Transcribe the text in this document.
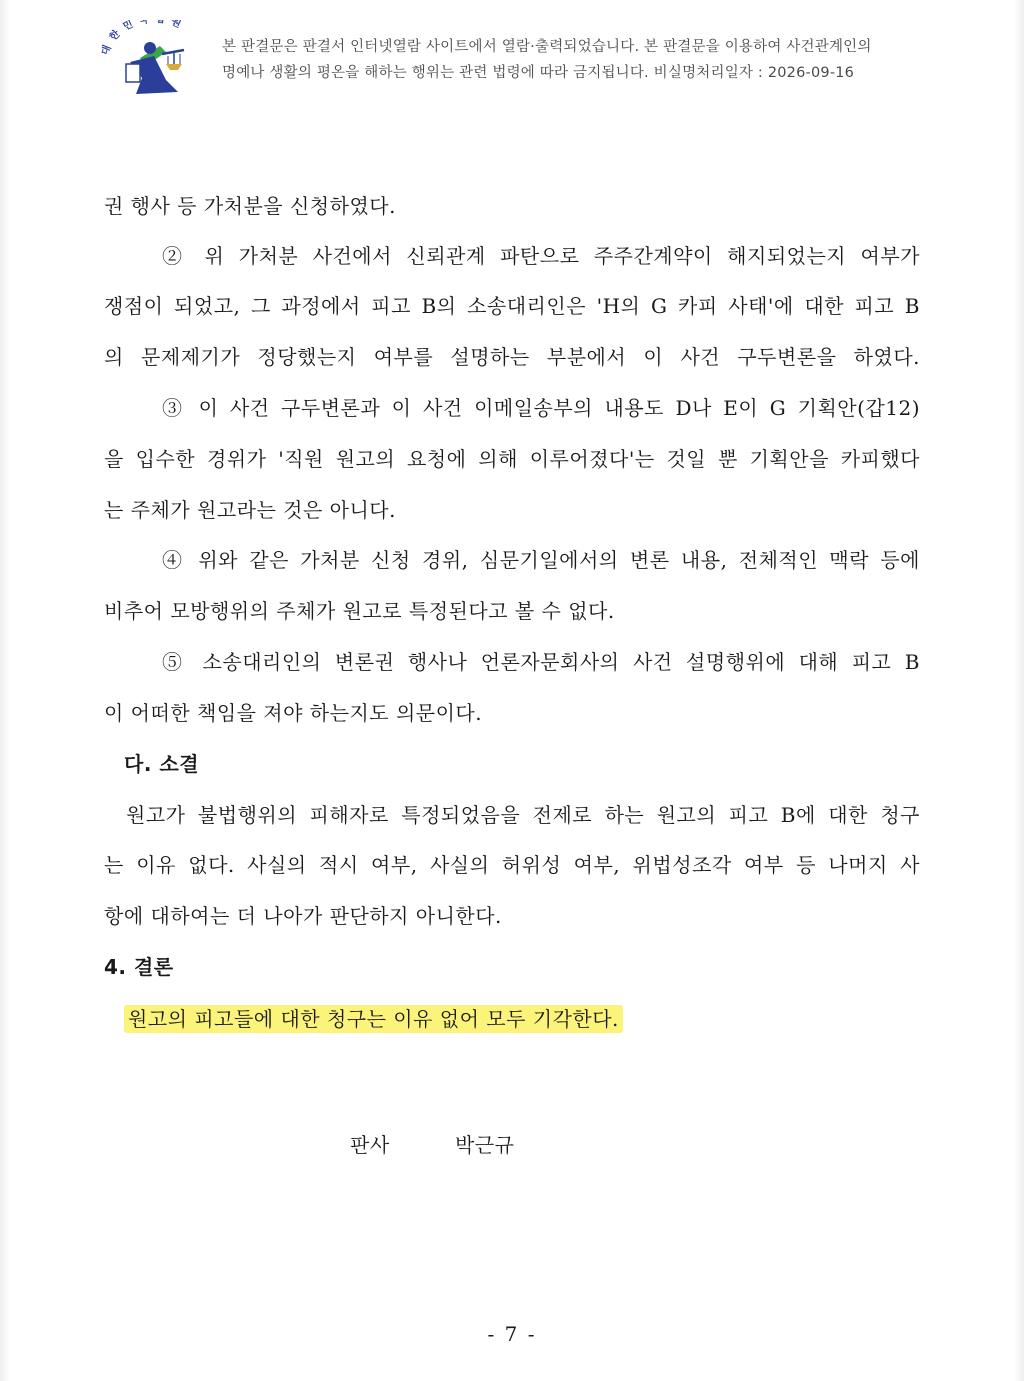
대한민국 원
본 판결문은 판결서 인터넷열람 사이트에서 열람·출력되었습니다. 본 판결문을 이용하여 사건관계인의
명예나 생활의 평온을 해하는 행위는 관련 법령에 따라 금지됩니다. 비실명처리일자 : 2026-09-16
권 행사 등 가처분을 신청하였다.
② 위 가처분 사건에서 신뢰관계 파탄으로 주주간계약이 해지되었는지 여부가
쟁점이 되었고, 그 과정에서 피고 B의 소송대리인은 'H의 G 카피 사태'에 대한 피고 B
의 문제제기가 정당했는지 여부를 설명하는 부분에서 이 사건 구두변론을 하였다.
③ 이 사건 구두변론과 이 사건 이메일송부의 내용도 D나 E이 G 기획안(갑12)
을 입수한 경위가 '직원 원고의 요청에 의해 이루어졌다'는 것일 뿐 기획안을 카피했다
는 주체가 원고라는 것은 아니다.
④ 위와 같은 가처분 신청 경위, 심문기일에서의 변론 내용, 전체적인 맥락 등에
비추어 모방행위의 주체가 원고로 특정된다고 볼 수 없다.
⑤ 소송대리인의 변론권 행사나 언론자문회사의 사건 설명행위에 대해 피고 B
이 어떠한 책임을 져야 하는지도 의문이다.
다. 소결
원고가 불법행위의 피해자로 특정되었음을 전제로 하는 원고의 피고 B에 대한 청구
는 이유 없다. 사실의 적시 여부, 사실의 허위성 여부, 위법성조각 여부 등 나머지 사
항에 대하여는 더 나아가 판단하지 아니한다.
4. 결론
원고의 피고들에 대한 청구는 이유 없어 모두 기각한다.
판사	박근규
- 7 -
